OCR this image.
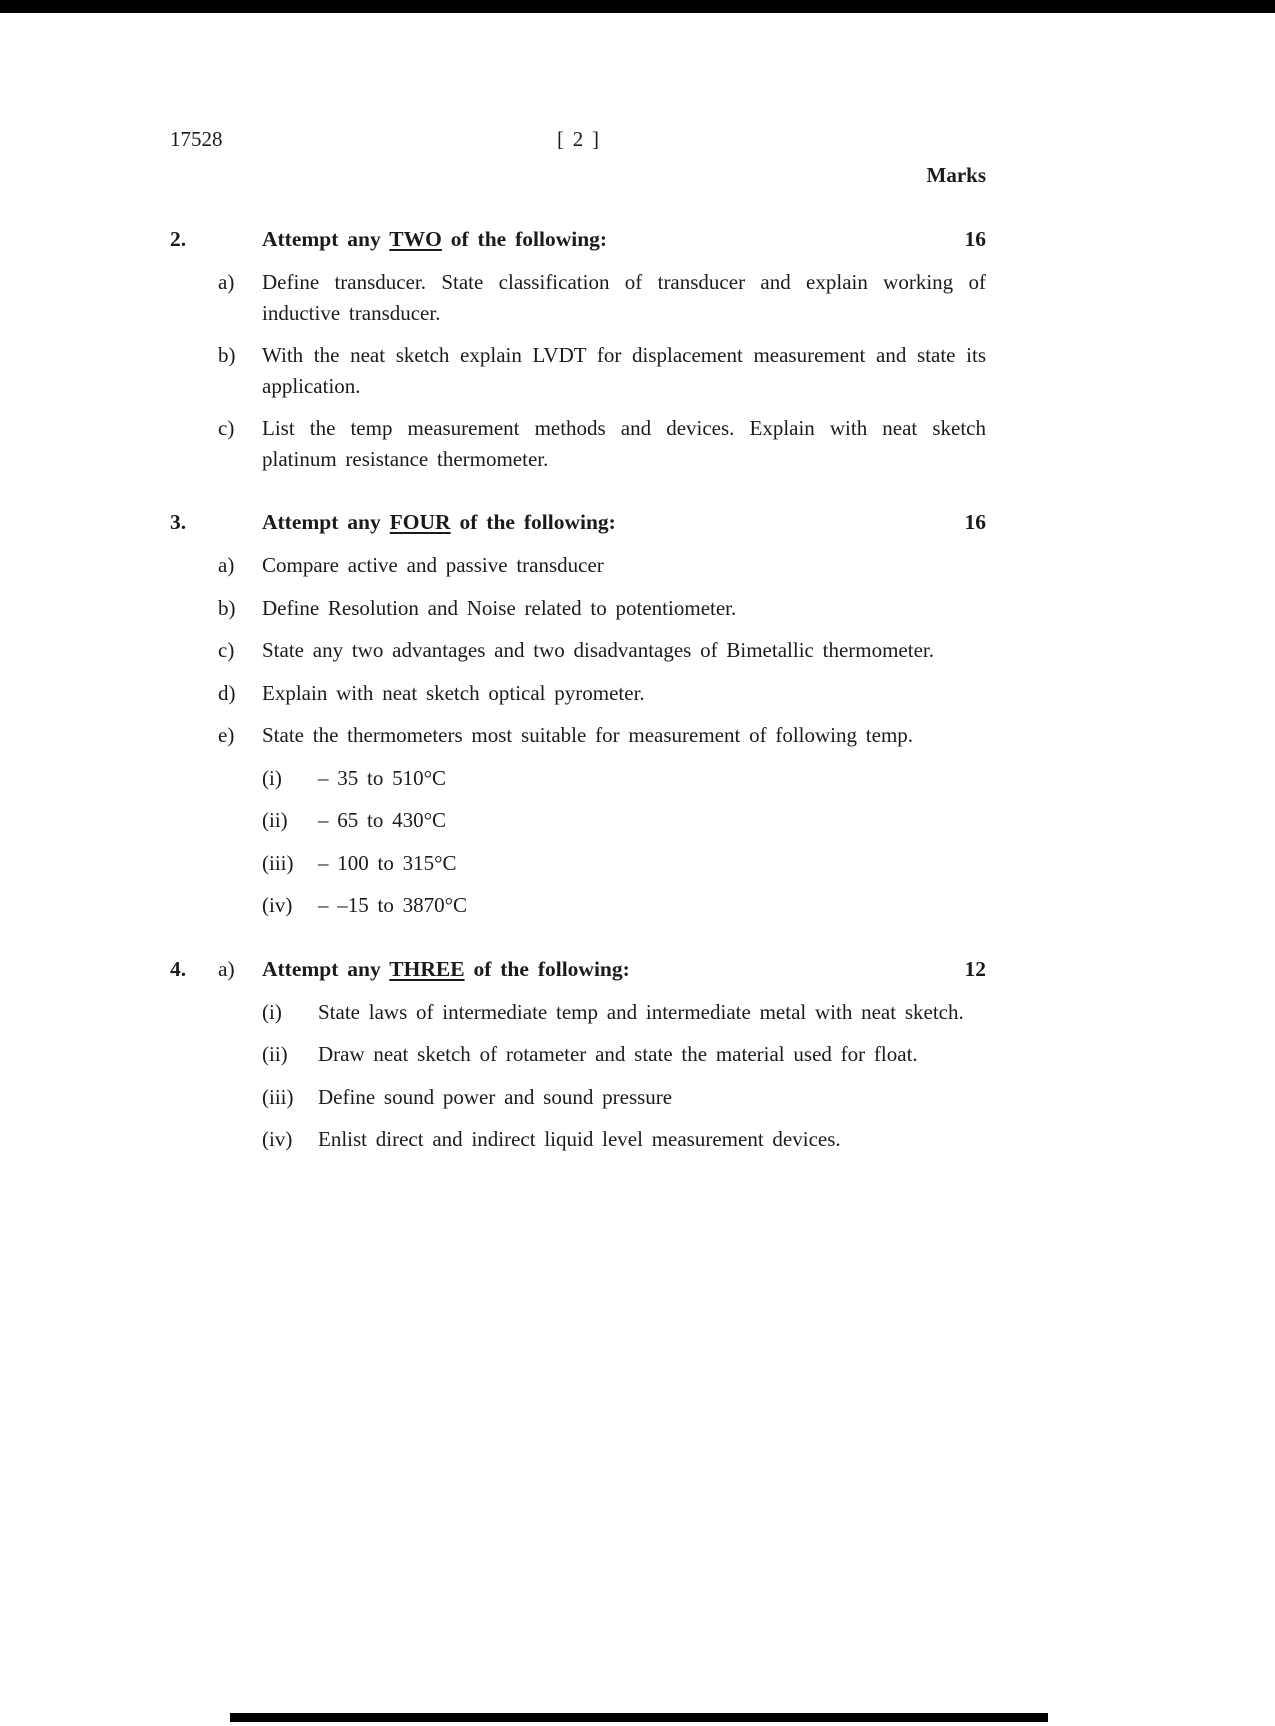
17528	[ 2 ]
Marks
2.	Attempt any TWO of the following:	16
a)	Define transducer. State classification of transducer and explain working of inductive transducer.
b)	With the neat sketch explain LVDT for displacement measurement and state its application.
c)	List the temp measurement methods and devices. Explain with neat sketch platinum resistance thermometer.
3.	Attempt any FOUR of the following:	16
a)	Compare active and passive transducer
b)	Define Resolution and Noise related to potentiometer.
c)	State any two advantages and two disadvantages of Bimetallic thermometer.
d)	Explain with neat sketch optical pyrometer.
e)	State the thermometers most suitable for measurement of following temp.
(i)	– 35 to 510°C
(ii)	– 65 to 430°C
(iii)	– 100 to 315°C
(iv)	– –15 to 3870°C
4.	a)	Attempt any THREE of the following:	12
(i)	State laws of intermediate temp and intermediate metal with neat sketch.
(ii)	Draw neat sketch of rotameter and state the material used for float.
(iii)	Define sound power and sound pressure
(iv)	Enlist direct and indirect liquid level measurement devices.
